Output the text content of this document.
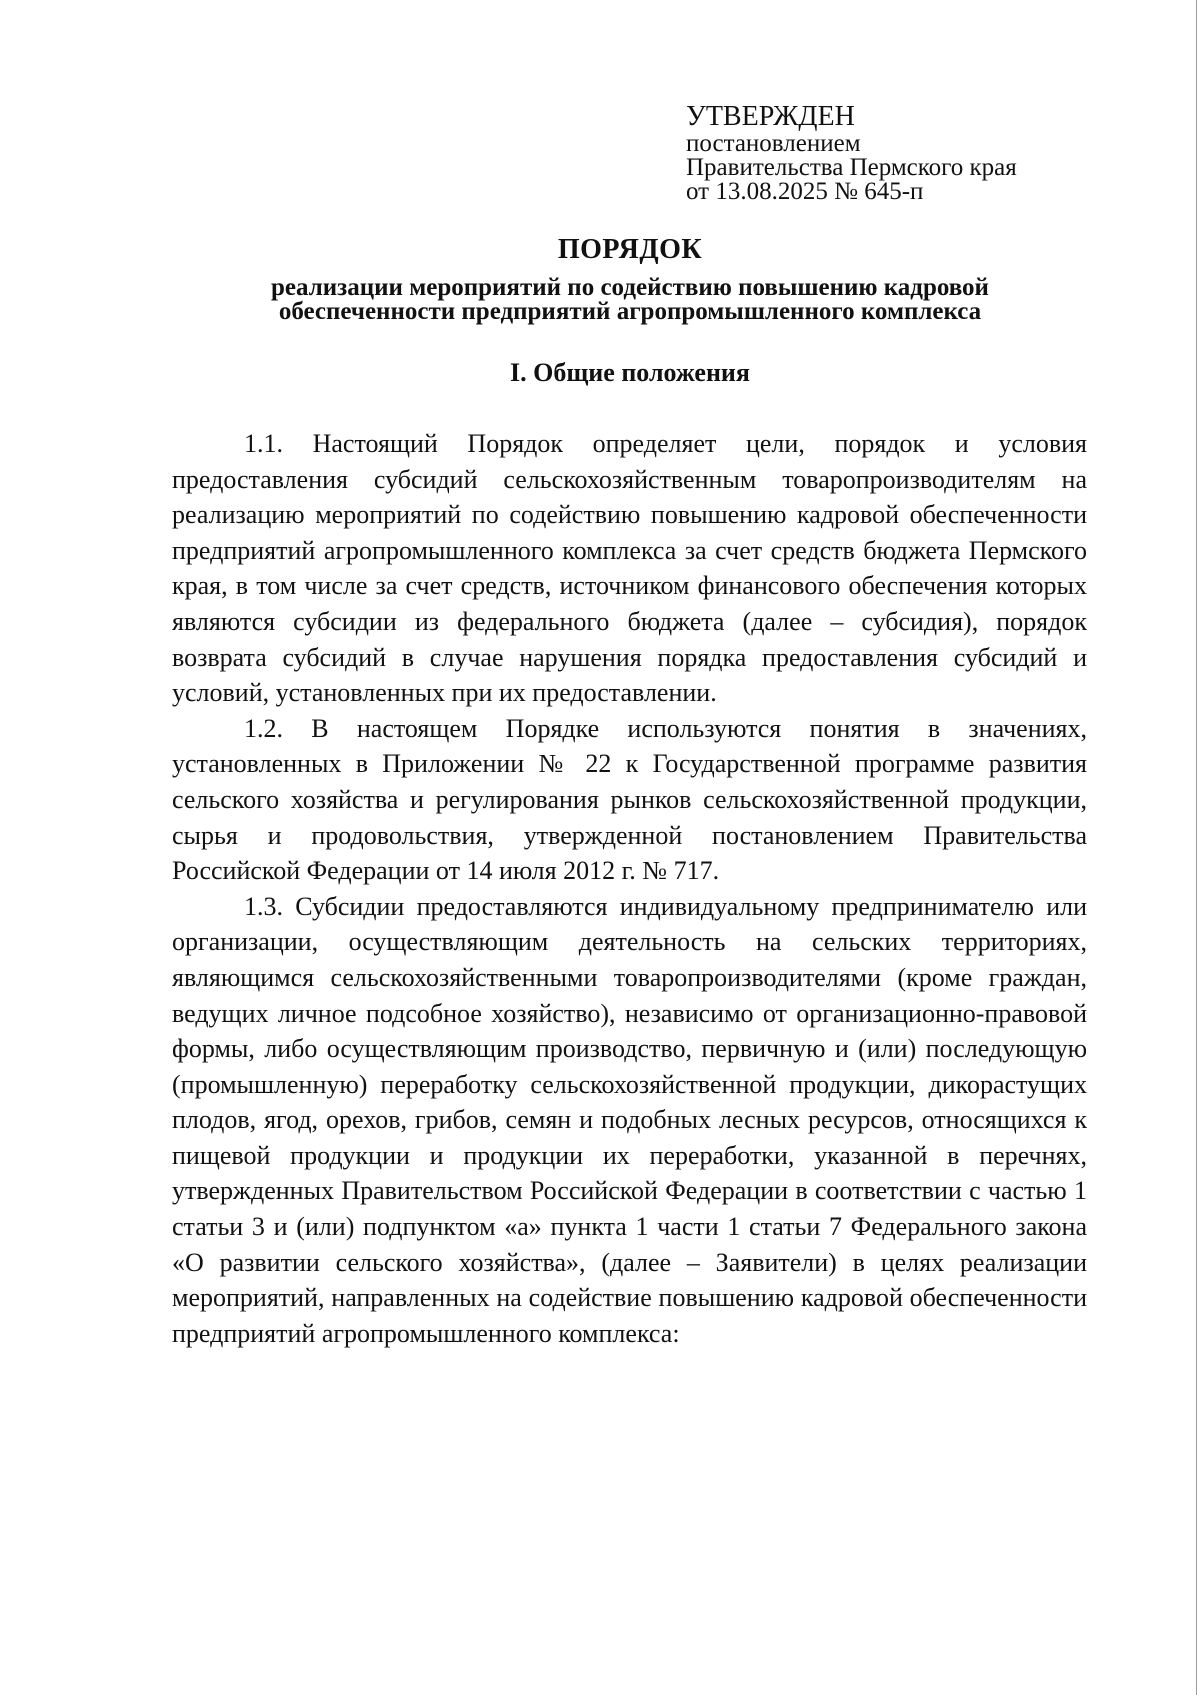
УТВЕРЖДЕН
постановлением
Правительства Пермского края
от 13.08.2025 № 645-п
ПОРЯДОК
реализации мероприятий по содействию повышению кадровой
обеспеченности предприятий агропромышленного комплекса
I. Общие положения

1.1. Настоящий Порядок определяет цели, порядок и условия предоставления субсидий сельскохозяйственным товаропроизводителям на реализацию мероприятий по содействию повышению кадровой обеспеченности предприятий агропромышленного комплекса за счет средств бюджета Пермского края, в том числе за счет средств, источником финансового обеспечения которых являются субсидии из федерального бюджета (далее – субсидия), порядок возврата субсидий в случае нарушения порядка предоставления субсидий и условий, установленных при их предоставлении.

1.2. В настоящем Порядке используются понятия в значениях, установленных в Приложении № 22 к Государственной программе развития сельского хозяйства и регулирования рынков сельскохозяйственной продукции, сырья и продовольствия, утвержденной постановлением Правительства Российской Федерации от 14 июля 2012 г. № 717.

1.3. Субсидии предоставляются индивидуальному предпринимателю или организации, осуществляющим деятельность на сельских территориях, являющимся сельскохозяйственными товаропроизводителями (кроме граждан, ведущих личное подсобное хозяйство), независимо от организационно-правовой формы, либо осуществляющим производство, первичную и (или) последующую (промышленную) переработку сельскохозяйственной продукции, дикорастущих плодов, ягод, орехов, грибов, семян и подобных лесных ресурсов, относящихся к пищевой продукции и продукции их переработки, указанной в перечнях, утвержденных Правительством Российской Федерации в соответствии с частью 1 статьи 3 и (или) подпунктом «а» пункта 1 части 1 статьи 7 Федерального закона «О развитии сельского хозяйства», (далее – Заявители) в целях реализации мероприятий, направленных на содействие повышению кадровой обеспеченности предприятий агропромышленного комплекса:
